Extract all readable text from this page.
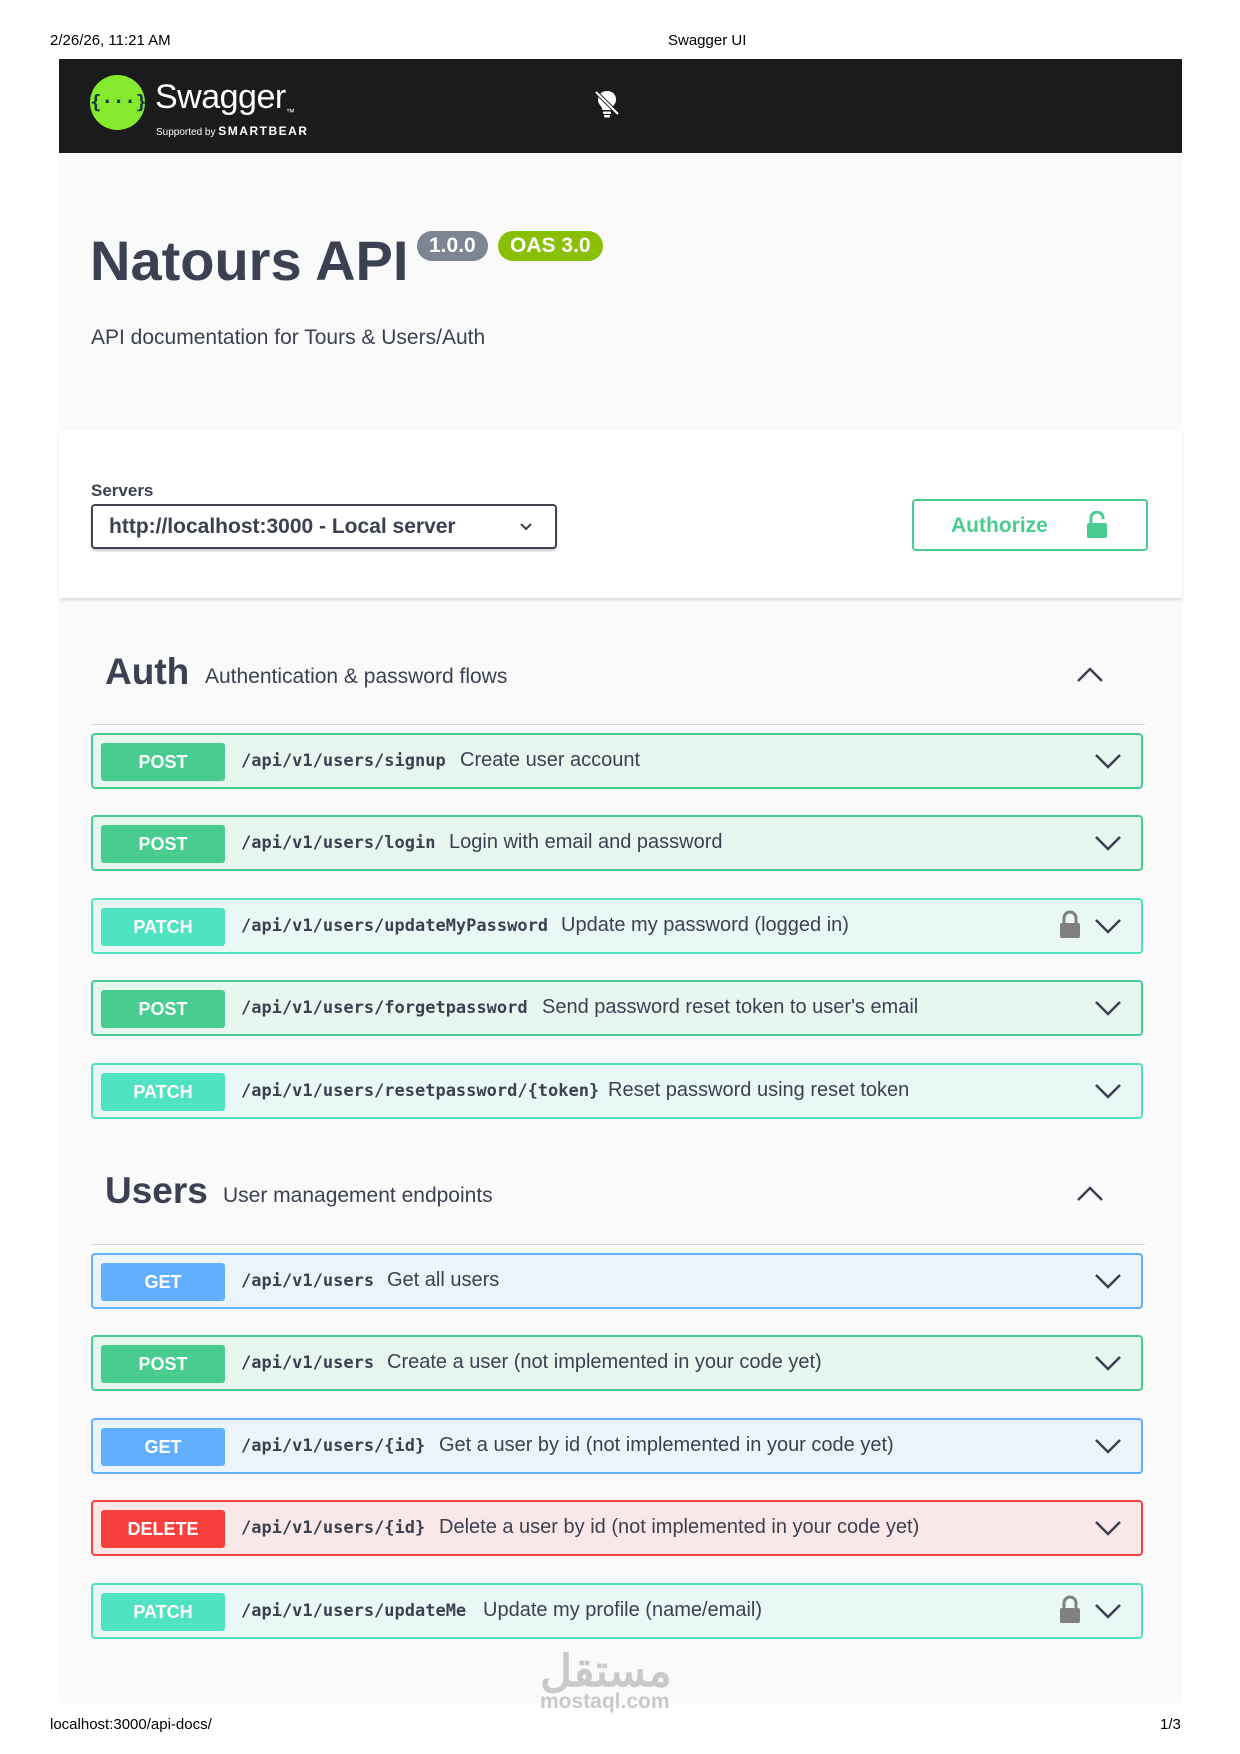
2/26/26, 11:21 AM	Swagger UI
localhost:3000/api-docs/	1/3
{···} Swagger™
Supported by SMARTBEAR
Natours API 1.0.0	OAS 3.0
API documentation for Tours & Users/Auth
Servers
http://localhost:3000 - Local server	Authorize
Auth Authentication & password flows
POST	/api/v1/users/signup Create user account
POST	/api/v1/users/login Login with email and password
PATCH	/api/v1/users/updateMyPassword Update my password (logged in)
POST	/api/v1/users/forgetpassword Send password reset token to user's email
PATCH	/api/v1/users/resetpassword/{token} Reset password using reset token
Users User management endpoints
GET	/api/v1/users Get all users
POST	/api/v1/users Create a user (not implemented in your code yet)
GET	/api/v1/users/{id} Get a user by id (not implemented in your code yet)
DELETE	/api/v1/users/{id} Delete a user by id (not implemented in your code yet)
PATCH	/api/v1/users/updateMe Update my profile (name/email)
مستقل
mostaql.com
